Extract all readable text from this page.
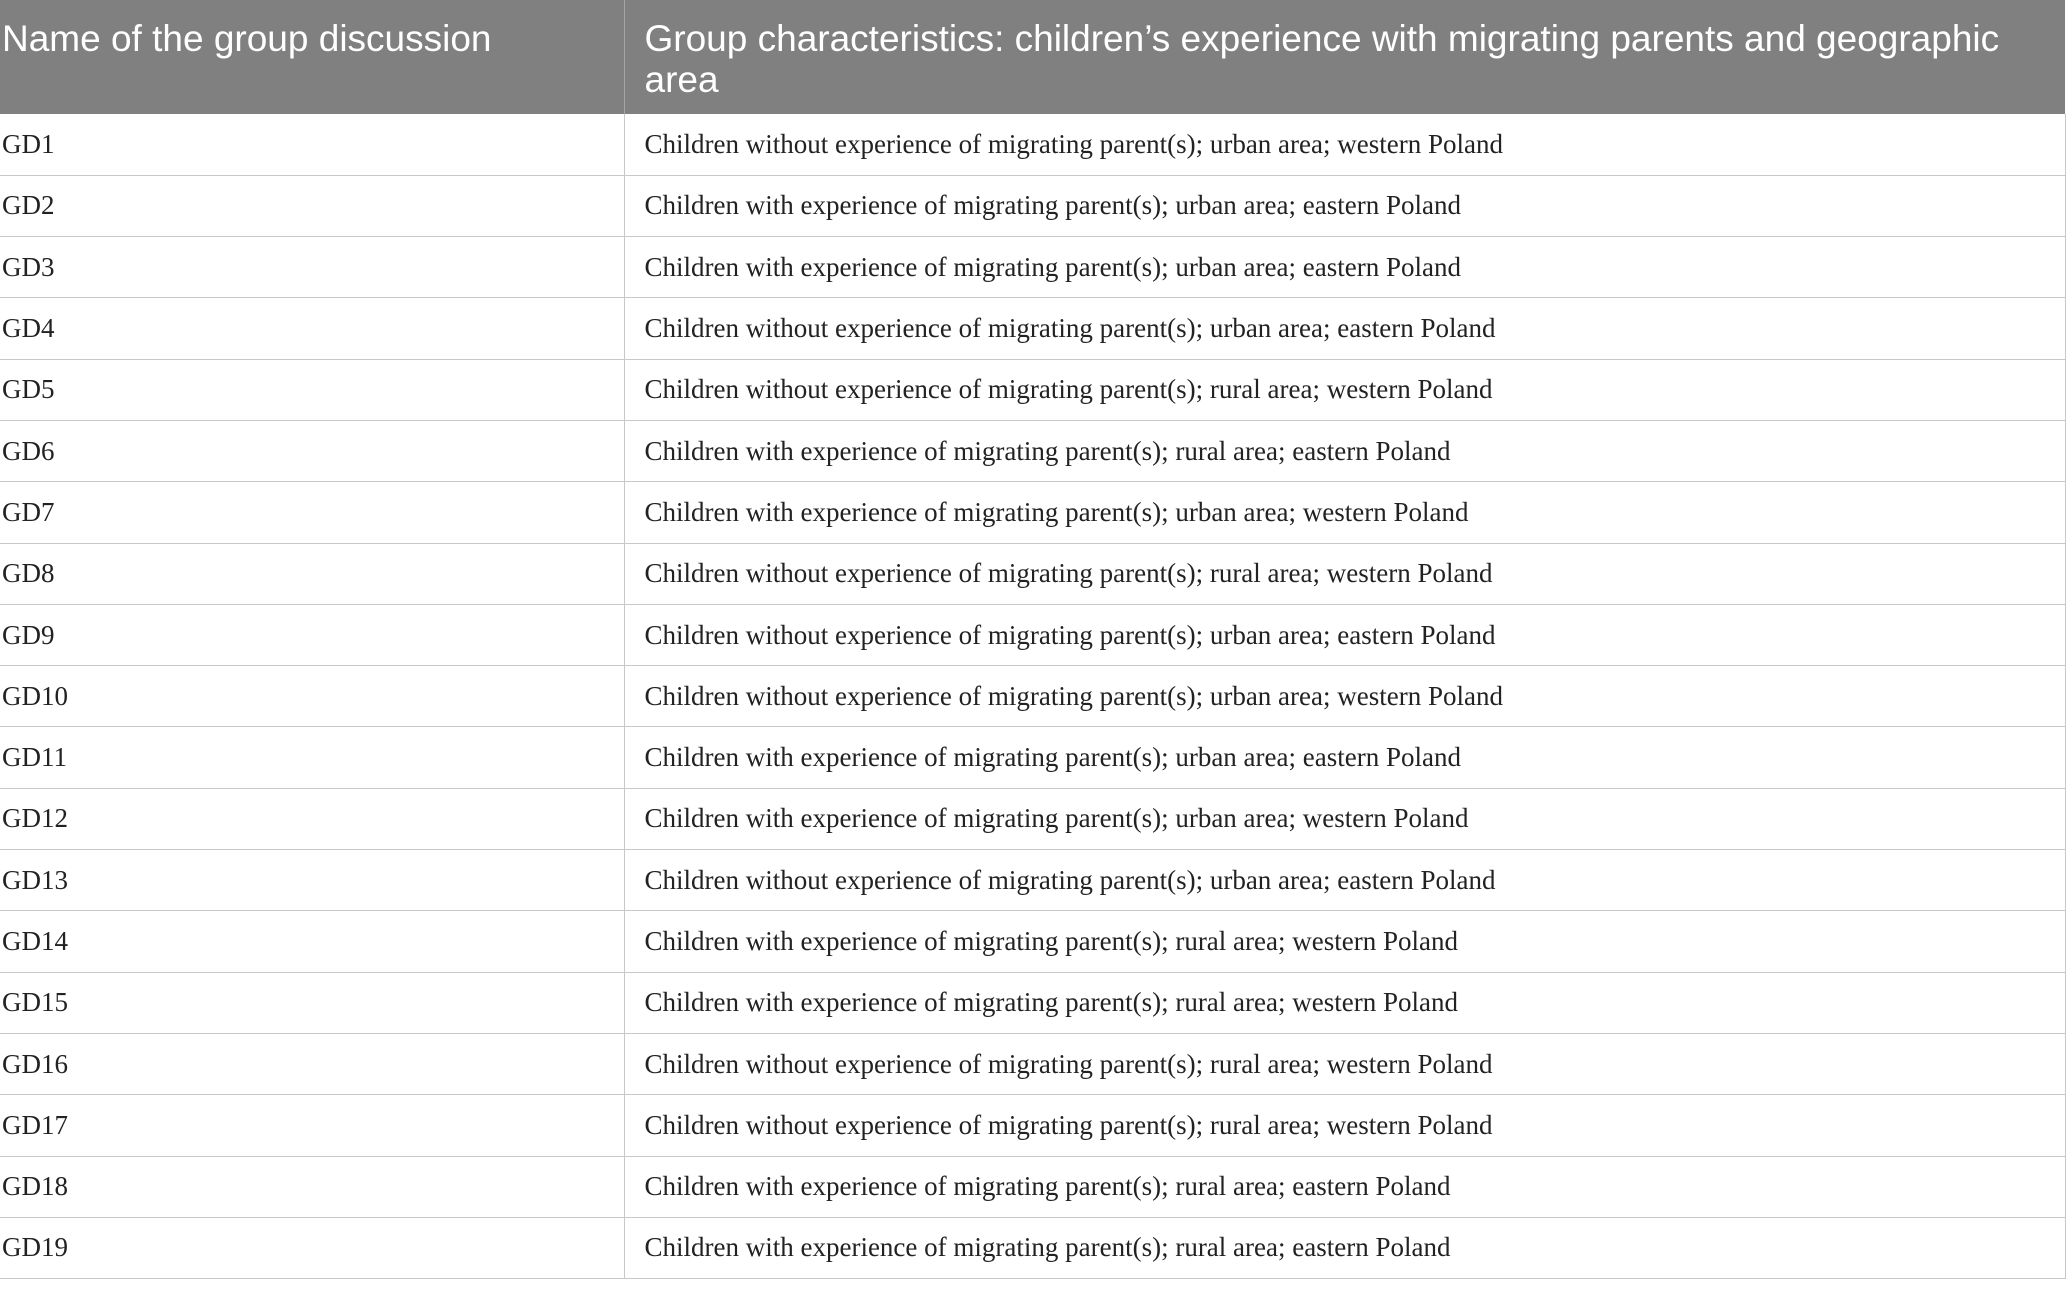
Name of the group discussion	Group characteristics: children’s experience with migrating parents and geographic area
GD1	Children without experience of migrating parent(s); urban area; western Poland
GD2	Children with experience of migrating parent(s); urban area; eastern Poland
GD3	Children with experience of migrating parent(s); urban area; eastern Poland
GD4	Children without experience of migrating parent(s); urban area; eastern Poland
GD5	Children without experience of migrating parent(s); rural area; western Poland
GD6	Children with experience of migrating parent(s); rural area; eastern Poland
GD7	Children with experience of migrating parent(s); urban area; western Poland
GD8	Children without experience of migrating parent(s); rural area; western Poland
GD9	Children without experience of migrating parent(s); urban area; eastern Poland
GD10	Children without experience of migrating parent(s); urban area; western Poland
GD11	Children with experience of migrating parent(s); urban area; eastern Poland
GD12	Children with experience of migrating parent(s); urban area; western Poland
GD13	Children without experience of migrating parent(s); urban area; eastern Poland
GD14	Children with experience of migrating parent(s); rural area; western Poland
GD15	Children with experience of migrating parent(s); rural area; western Poland
GD16	Children without experience of migrating parent(s); rural area; western Poland
GD17	Children without experience of migrating parent(s); rural area; western Poland
GD18	Children with experience of migrating parent(s); rural area; eastern Poland
GD19	Children with experience of migrating parent(s); rural area; eastern Poland
